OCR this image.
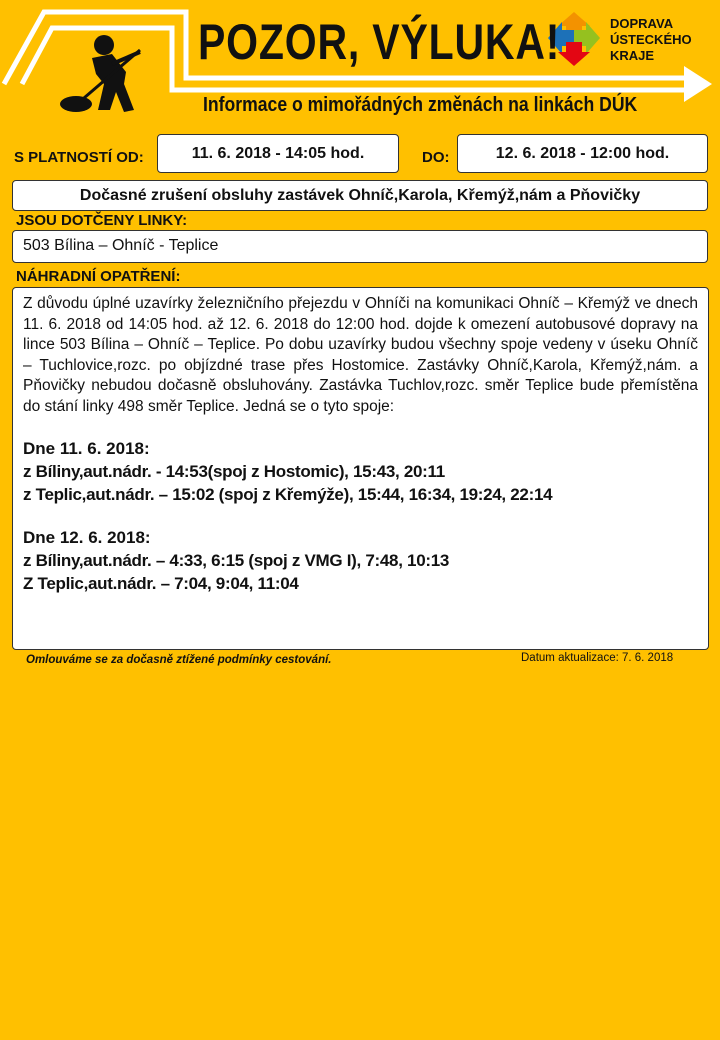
POZOR, VÝLUKA!
Informace o mimořádných změnách na linkách DÚK
DOPRAVA
ÚSTECKÉHO
KRAJE
S PLATNOSTÍ OD:	11. 6. 2018 - 14:05 hod.	DO:	12. 6. 2018 - 12:00 hod.
Dočasné zrušení obsluhy zastávek Ohníč,Karola, Křemýž,nám a Pňovičky
JSOU DOTČENY LINKY:
503 Bílina – Ohníč - Teplice
NÁHRADNÍ OPATŘENÍ:

Z důvodu úplné uzavírky železničního přejezdu v Ohníči na komunikaci Ohníč – Křemýž ve dnech 11. 6. 2018 od 14:05 hod. až 12. 6. 2018 do 12:00 hod. dojde k omezení autobusové dopravy na lince 503 Bílina – Ohníč – Teplice. Po dobu uzavírky budou všechny spoje vedeny v úseku Ohníč – Tuchlovice,rozc. po objízdné trase přes Hostomice. Zastávky Ohníč,Karola, Křemýž,nám. a Pňovičky nebudou dočasně obsluhovány. Zastávka Tuchlov,rozc. směr Teplice bude přemístěna do stání linky 498 směr Teplice. Jedná se o tyto spoje:

Dne 11. 6. 2018:
z Bíliny,aut.nádr. - 14:53(spoj z Hostomic), 15:43, 20:11
z Teplic,aut.nádr. – 15:02 (spoj z Křemýže), 15:44, 16:34, 19:24, 22:14
Dne 12. 6. 2018:
z Bíliny,aut.nádr. – 4:33, 6:15 (spoj z VMG I), 7:48, 10:13
Z Teplic,aut.nádr. – 7:04, 9:04, 11:04
Omlouváme se za dočasně ztížené podmínky cestování.	Datum aktualizace: 7. 6. 2018
